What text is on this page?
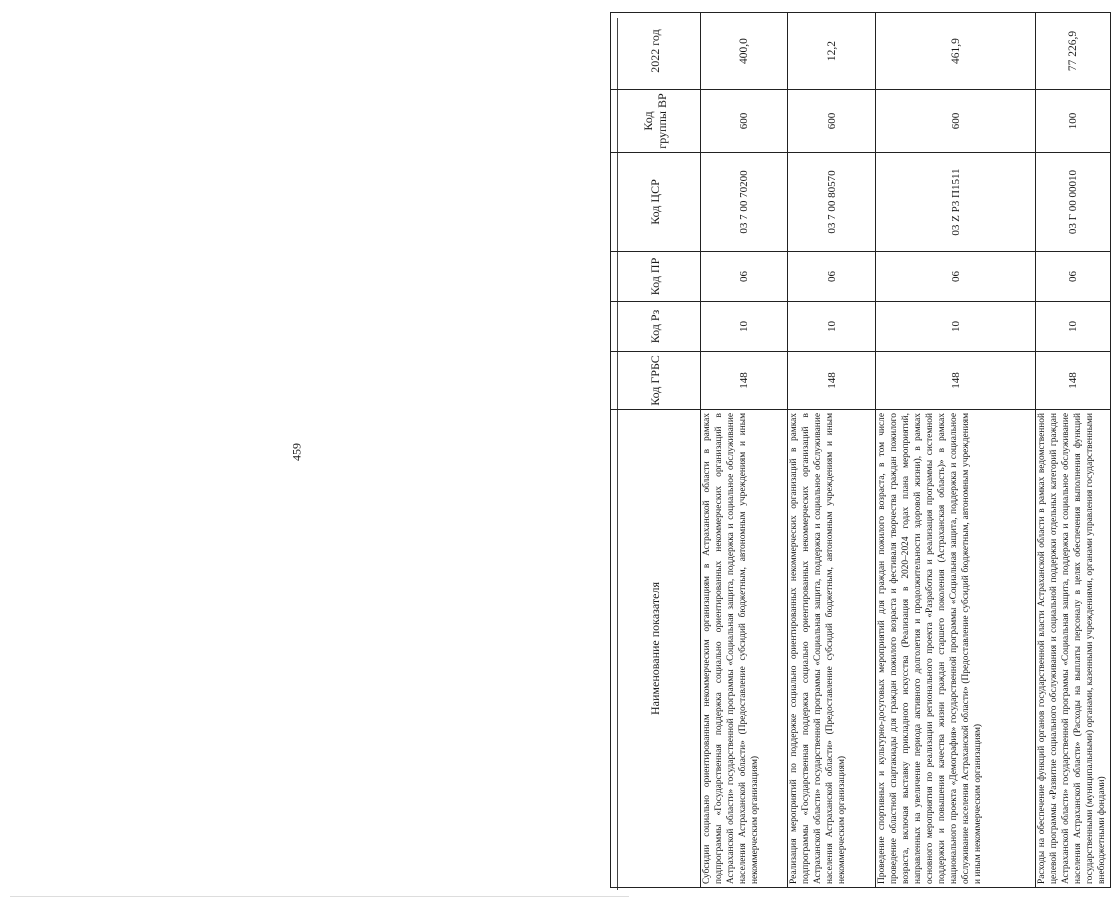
459
Наименование показателя	Код ГРБС	Код Рз	Код ПР	Код ЦСР	Код группы ВР	2022 год
Субсидии социально ориентированным некоммерческим организациям в Астраханской области в рамках подпрограммы «Государственная поддержка социально ориентированных некоммерческих организаций в Астраханской области» государственной программы «Социальная защита, поддержка и социальное обслуживание населения Астраханской области» (Предоставление субсидий бюджетным, автономным учреждениям и иным некоммерческим организациям)	148	10	06	03 7 00 70200	600	400,0
Реализация мероприятий по поддержке социально ориентированных некоммерческих организаций в рамках подпрограммы «Государственная поддержка социально ориентированных некоммерческих организаций в Астраханской области» государственной программы «Социальная защита, поддержка и социальное обслуживание населения Астраханской области» (Предоставление субсидий бюджетным, автономным учреждениям и иным некоммерческим организациям)	148	10	06	03 7 00 80570	600	12,2
Проведение спортивных и культурно-досуговых мероприятий для граждан пожилого возраста, в том числе проведение областной спартакиады для граждан пожилого возраста и фестиваля творчества граждан пожилого возраста, включая выставку прикладного искусства (Реализация в 2020–2024 годах плана мероприятий, направленных на увеличение периода активного долголетия и продолжительности здоровой жизни), в рамках основного мероприятия по реализации регионального проекта «Разработка и реализация программы системной поддержки и повышения качества жизни граждан старшего поколения (Астраханская область)» в рамках национального проекта «Демография» государственной программы «Социальная защита, поддержка и социальное обслуживание населения Астраханской области» (Предоставление субсидий бюджетным, автономным учреждениям и иным некоммерческим организациям)	148	10	06	03 Z P3 П1511	600	461,9
Расходы на обеспечение функций органов государственной власти Астраханской области в рамках ведомственной целевой программы «Развитие социального обслуживания и социальной поддержки отдельных категорий граждан Астраханской области» государственной программы «Социальная защита, поддержка и социальное обслуживание населения Астраханской области» (Расходы на выплаты персоналу в целях обеспечения выполнения функций государственными (муниципальными) органами, казенными учреждениями, органами управления государственными внебюджетными фондами)	148	10	06	03 Г 00 00010	100	77 226,9
